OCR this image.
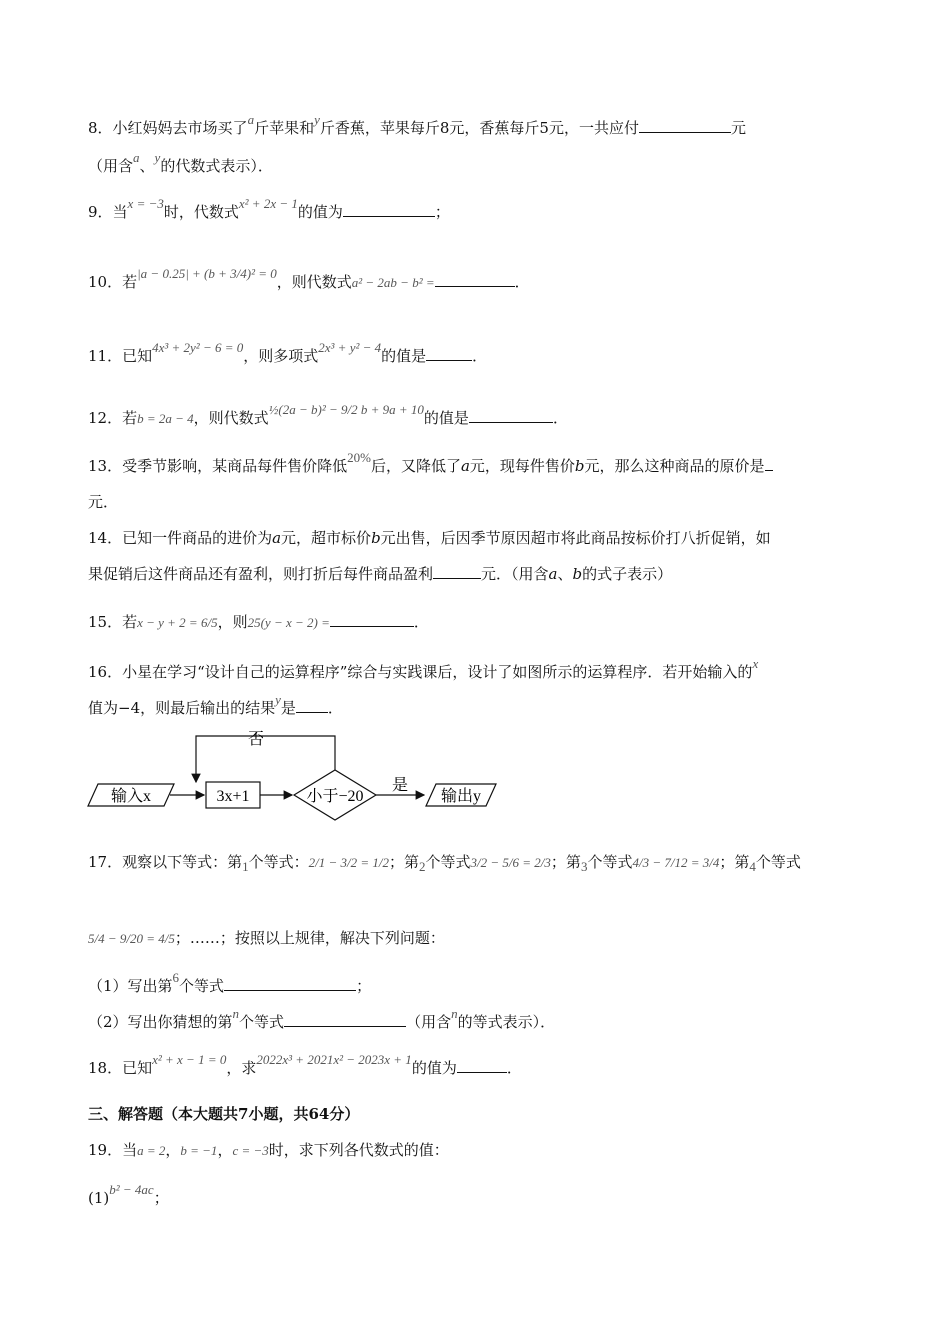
8．小红妈妈去市场买了a斤苹果和y斤香蕉，苹果每斤8元，香蕉每斤5元，一共应付	元
（用含a、y的代数式表示）．
9．当x = −3时，代数式x² + 2x − 1的值为	；
10．若|a − 0.25| + (b + 3/4)² = 0，则代数式a² − 2ab − b² =	．
11．已知4x³ + 2y² − 6 = 0，则多项式2x³ + y² − 4的值是	．
12．若b = 2a − 4，则代数式½(2a − b)² − 9/2 b + 9a + 10的值是	．
13．受季节影响，某商品每件售价降低20%后，又降低了a元，现每件售价b元，那么这种商品的原价是
元．
14．已知一件商品的进价为a元，超市标价b元出售，后因季节原因超市将此商品按标价打八折促销，如
果促销后这件商品还有盈利，则打折后每件商品盈利	元．（用含a、b的式子表示）
15．若x − y + 2 = 6/5，则25(y − x − 2) =	．
16．小星在学习“设计自己的运算程序”综合与实践课后，设计了如图所示的运算程序．若开始输入的x
值为−4，则最后输出的结果y是 ．
输入x	3x+1	小于−20
否
是
输出y
17．观察以下等式：第$_1$个等式：2/1 − 3/2 = 1/2；第$_2$个等式3/2 − 5/6 = 2/3；第$_3$个等式4/3 − 7/12 = 3/4；第$_4$个等式
5/4 − 9/20 = 4/5；……；按照以上规律，解决下列问题：
（1）写出第6个等式	；
（2）写出你猜想的第n个等式	（用含n的等式表示）．
18．已知x² + x − 1 = 0，求2022x³ + 2021x² − 2023x + 1的值为	．
三、解答题（本大题共7小题，共64分）
19．当a = 2，b = −1，c = −3时，求下列各代数式的值：
(1)b² − 4ac；
